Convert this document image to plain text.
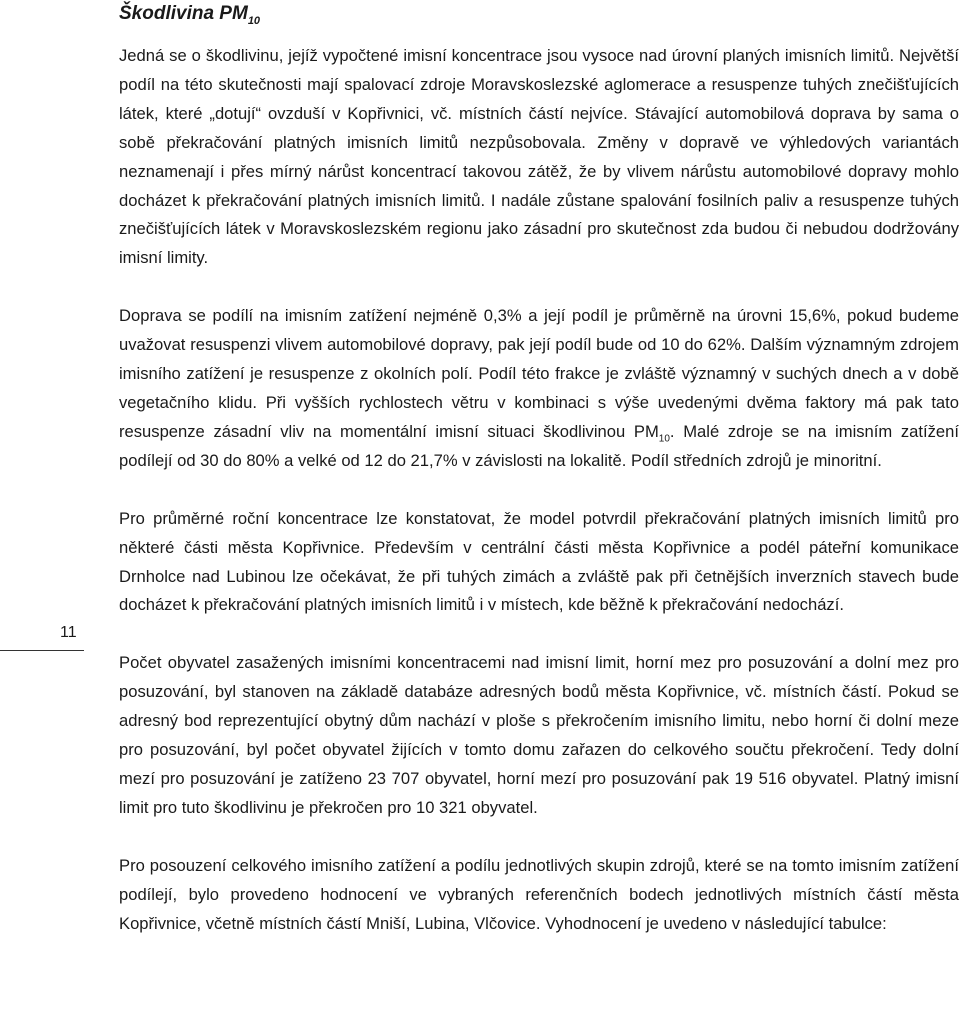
Škodlivina $PM_{10}$

Jedná se o škodlivinu, jejíž vypočtené imisní koncentrace jsou vysoce nad úrovní planých imisních limitů. Největší podíl na této skutečnosti mají spalovací zdroje Moravskoslezské aglomerace a resuspenze tuhých znečišťujících látek, které „dotují“ ovzduší v Kopřivnici, vč. místních částí nejvíce. Stávající automobilová doprava by sama o sobě překračování platných imisních limitů nezpůsobovala. Změny v dopravě ve výhledových variantách neznamenají i přes mírný nárůst koncentrací takovou zátěž, že by vlivem nárůstu automobilové dopravy mohlo docházet k překračování platných imisních limitů. I nadále zůstane spalování fosilních paliv a resuspenze tuhých znečišťujících látek v Moravskoslezském regionu jako zásadní pro skutečnost zda budou či nebudou dodržovány imisní limity.

Doprava se podílí na imisním zatížení nejméně 0,3% a její podíl je průměrně na úrovni 15,6%, pokud budeme uvažovat resuspenzi vlivem automobilové dopravy, pak její podíl bude od 10 do 62%. Dalším významným zdrojem imisního zatížení je resuspenze z okolních polí. Podíl této frakce je zvláště významný v suchých dnech a v době vegetačního klidu. Při vyšších rychlostech větru v kombinaci s výše uvedenými dvěma faktory má pak tato resuspenze zásadní vliv na momentální imisní situaci škodlivinou $PM_{10}$. Malé zdroje se na imisním zatížení podílejí od 30 do 80% a velké od 12 do 21,7% v závislosti na lokalitě. Podíl středních zdrojů je minoritní.

Pro průměrné roční koncentrace lze konstatovat, že model potvrdil překračování platných imisních limitů pro některé části města Kopřivnice. Především v centrální části města Kopřivnice a podél páteřní komunikace Drnholce nad Lubinou lze očekávat, že při tuhých zimách a zvláště pak při četnějších inverzních stavech bude docházet k překračování platných imisních limitů i v místech, kde běžně k překračování nedochází.

Počet obyvatel zasažených imisními koncentracemi nad imisní limit, horní mez pro posuzování a dolní mez pro posuzování, byl stanoven na základě databáze adresných bodů města Kopřivnice, vč. místních částí. Pokud se adresný bod reprezentující obytný dům nachází v ploše s překročením imisního limitu, nebo horní či dolní meze pro posuzování, byl počet obyvatel žijících v tomto domu zařazen do celkového součtu překročení. Tedy dolní mezí pro posuzování je zatíženo 23 707 obyvatel, horní mezí pro posuzování pak 19 516 obyvatel. Platný imisní limit pro tuto škodlivinu je překročen pro 10 321 obyvatel.

Pro posouzení celkového imisního zatížení a podílu jednotlivých skupin zdrojů, které se na tomto imisním zatížení podílejí, bylo provedeno hodnocení ve vybraných referenčních bodech jednotlivých místních částí města Kopřivnice, včetně místních částí Mniší, Lubina, Vlčovice. Vyhodnocení je uvedeno v následující tabulce:

11
